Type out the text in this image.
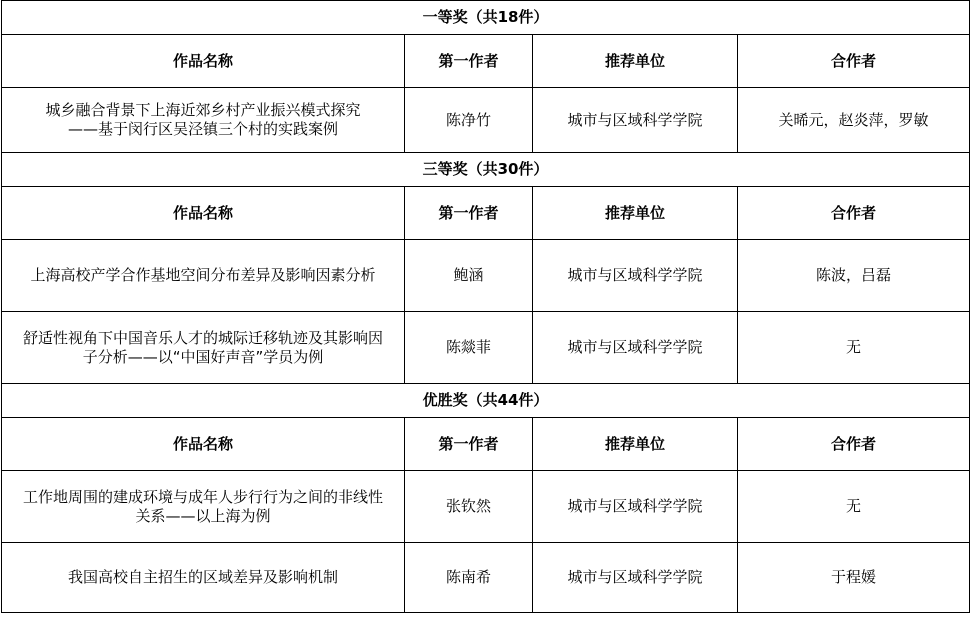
一等奖（共18件）			
作品名称	第一作者	推荐单位	合作者

城乡融合背景下上海近郊乡村产业振兴模式探究
——基于闵行区吴泾镇三个村的实践案例	陈净竹	城市与区域科学学院	关晞元，赵炎萍，罗敏
三等奖（共30件）			
作品名称	第一作者	推荐单位	合作者

上海高校产学合作基地空间分布差异及影响因素分析	鲍涵	城市与区域科学学院	陈波，吕磊

舒适性视角下中国音乐人才的城际迁移轨迹及其影响因
子分析——以“中国好声音”学员为例	陈燚菲	城市与区域科学学院	无
优胜奖（共44件）			
作品名称	第一作者	推荐单位	合作者

工作地周围的建成环境与成年人步行行为之间的非线性
关系——以上海为例	张钦然	城市与区域科学学院	无

我国高校自主招生的区域差异及影响机制	陈南希	城市与区域科学学院	于程媛
